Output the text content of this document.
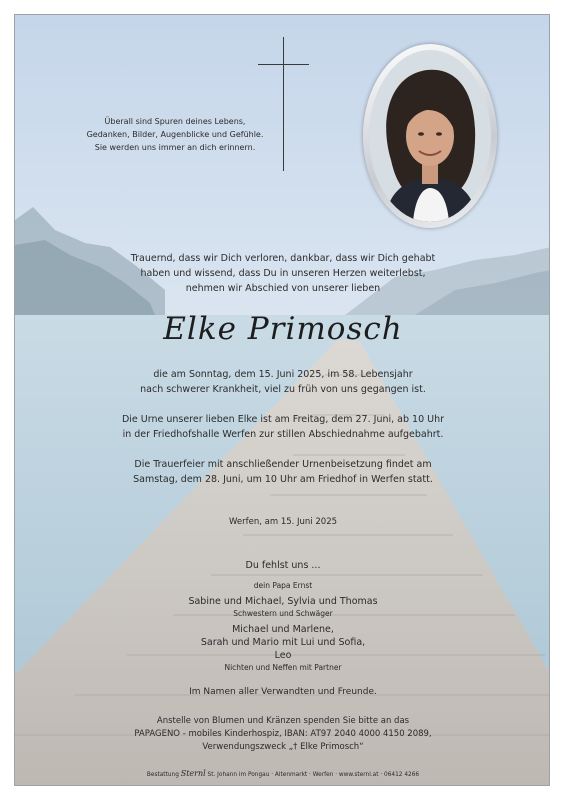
Überall sind Spuren deines Lebens,
Gedanken, Bilder, Augenblicke und Gefühle.
Sie werden uns immer an dich erinnern.
Trauernd, dass wir Dich verloren, dankbar, dass wir Dich gehabt
haben und wissend, dass Du in unseren Herzen weiterlebst,
nehmen wir Abschied von unserer lieben
Elke Primosch
die am Sonntag, dem 15. Juni 2025, im 58. Lebensjahr
nach schwerer Krankheit, viel zu früh von uns gegangen ist.
Die Urne unserer lieben Elke ist am Freitag, dem 27. Juni, ab 10 Uhr
in der Friedhofshalle Werfen zur stillen Abschiednahme aufgebahrt.
Die Trauerfeier mit anschließender Urnenbeisetzung findet am
Samstag, dem 28. Juni, um 10 Uhr am Friedhof in Werfen statt.
Werfen, am 15. Juni 2025
Du fehlst uns ...
dein Papa Ernst
Sabine und Michael, Sylvia und Thomas
Schwestern und Schwäger
Michael und Marlene,
Sarah und Mario mit Lui und Sofia,
Leo
Nichten und Neffen mit Partner
Im Namen aller Verwandten und Freunde.
Anstelle von Blumen und Kränzen spenden Sie bitte an das
PAPAGENO - mobiles Kinderhospiz, IBAN: AT97 2040 4000 4150 2089,
Verwendungszweck „† Elke Primosch“
Bestattung Sternl St. Johann im Pongau · Altenmarkt · Werfen · www.sternl.at · 06412 4266
